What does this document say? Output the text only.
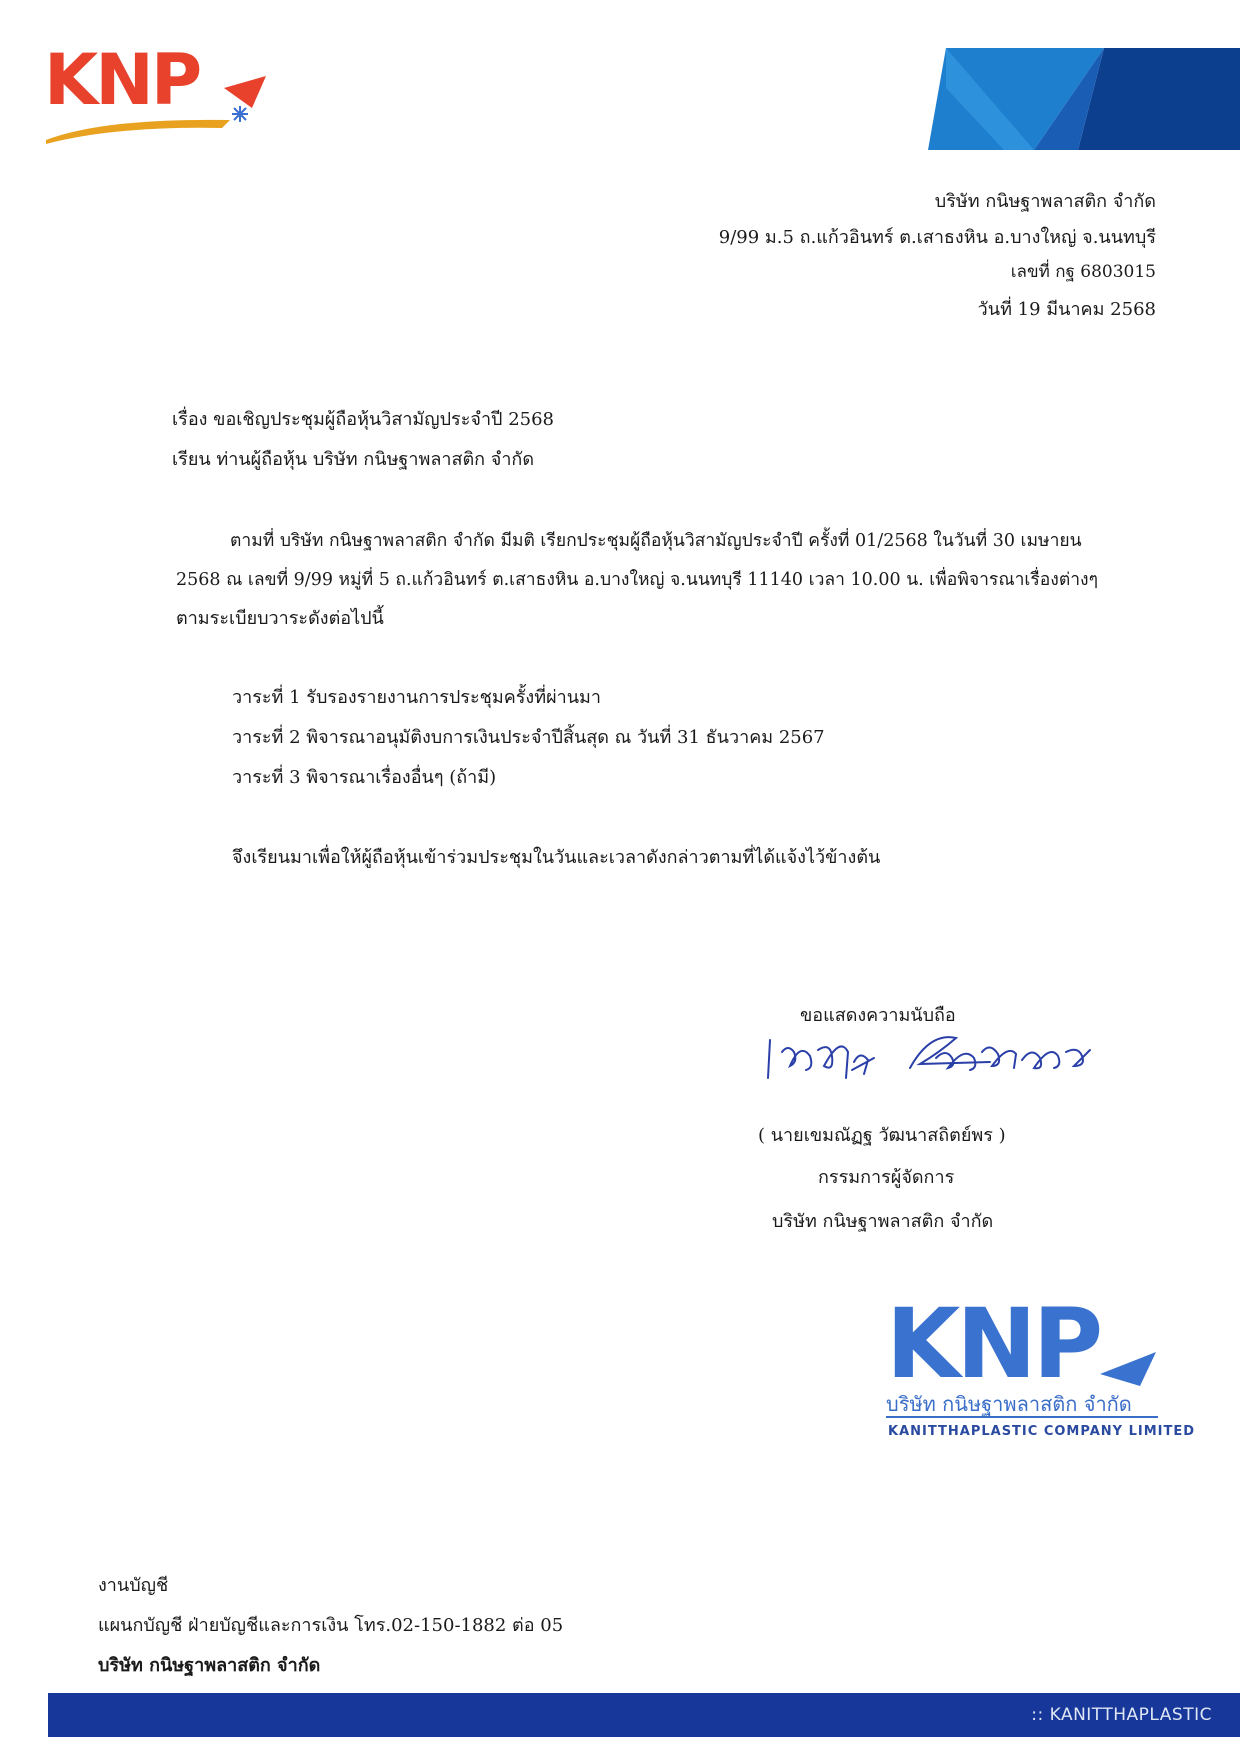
KNP
บริษัท กนิษฐาพลาสติก จำกัด
9/99 ม.5 ถ.แก้วอินทร์ ต.เสาธงหิน อ.บางใหญ่ จ.นนทบุรี
เลขที่ กฐ 6803015
วันที่ 19 มีนาคม 2568
เรื่อง ขอเชิญประชุมผู้ถือหุ้นวิสามัญประจำปี 2568
เรียน ท่านผู้ถือหุ้น บริษัท กนิษฐาพลาสติก จำกัด
ตามที่ บริษัท กนิษฐาพลาสติก จำกัด มีมติ เรียกประชุมผู้ถือหุ้นวิสามัญประจำปี ครั้งที่ 01/2568 ในวันที่ 30 เมษายน
2568 ณ เลขที่ 9/99 หมู่ที่ 5 ถ.แก้วอินทร์ ต.เสาธงหิน อ.บางใหญ่ จ.นนทบุรี 11140 เวลา 10.00 น. เพื่อพิจารณาเรื่องต่างๆ
ตามระเบียบวาระดังต่อไปนี้
วาระที่ 1 รับรองรายงานการประชุมครั้งที่ผ่านมา
วาระที่ 2 พิจารณาอนุมัติงบการเงินประจำปีสิ้นสุด ณ วันที่ 31 ธันวาคม 2567
วาระที่ 3 พิจารณาเรื่องอื่นๆ (ถ้ามี)
จึงเรียนมาเพื่อให้ผู้ถือหุ้นเข้าร่วมประชุมในวันและเวลาดังกล่าวตามที่ได้แจ้งไว้ข้างต้น
ขอแสดงความนับถือ
( นายเขมณัฏฐ วัฒนาสถิตย์พร )
กรรมการผู้จัดการ
บริษัท กนิษฐาพลาสติก จำกัด
KNP
บริษัท กนิษฐาพลาสติก จำกัด
KANITTHAPLASTIC COMPANY LIMITED
งานบัญชี
แผนกบัญชี ฝ่ายบัญชีและการเงิน โทร.02-150-1882 ต่อ 05
บริษัท กนิษฐาพลาสติก จำกัด
:: KANITTHAPLASTIC
